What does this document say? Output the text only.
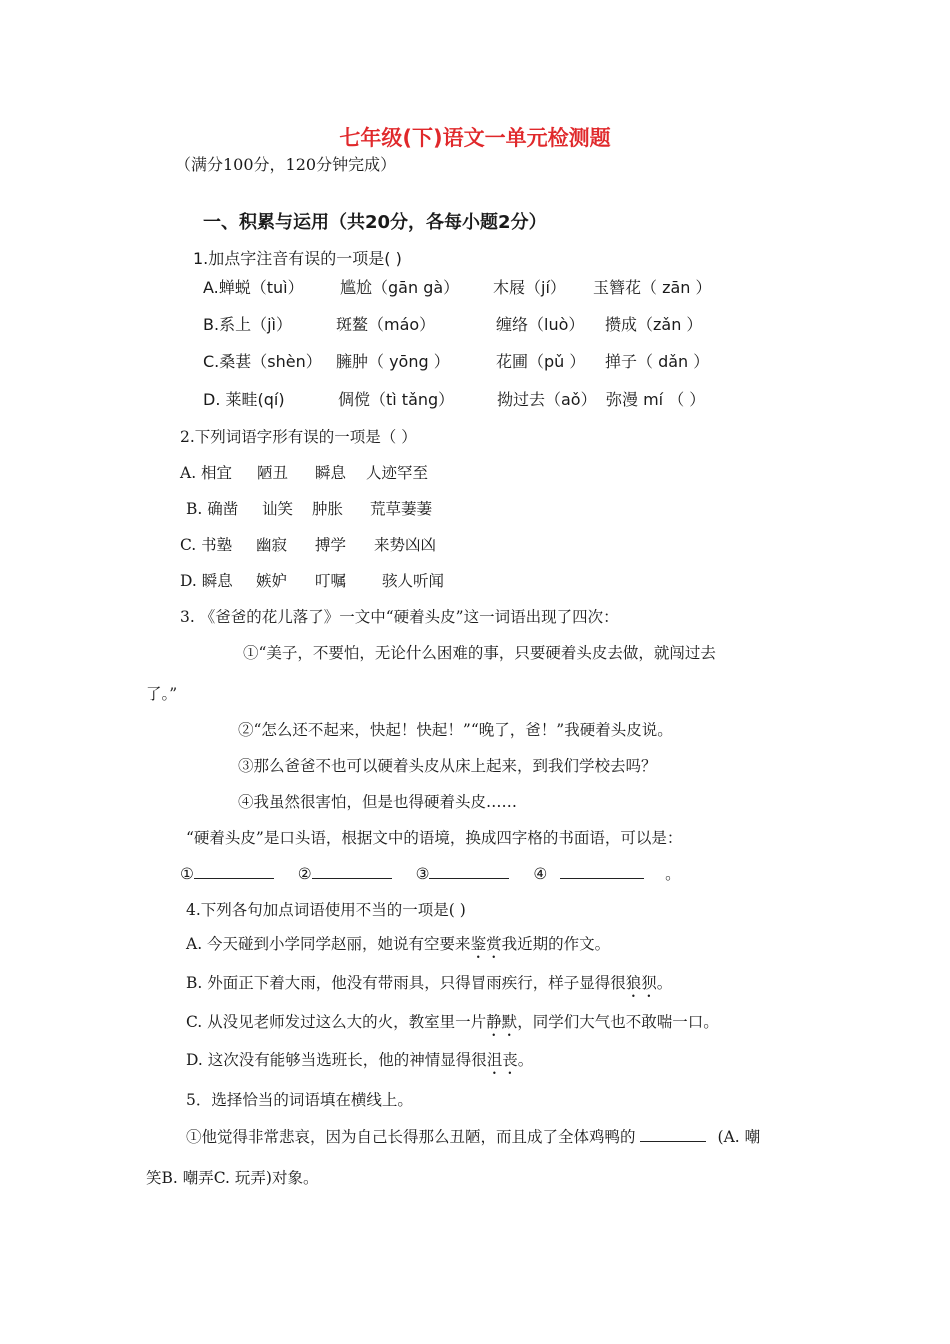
七年级(下)语文一单元检测题
（满分100分，120分钟完成）
一、积累与运用（共20分，各每小题2分）
1.加点字注音有误的一项是( )
A.蝉蜕（tuì） 尴尬（gān gà） 木屐（jí） 玉簪花（ zān ）
B.系上（jì）	斑鳌（máo）	缠络（luò） 攒成（zǎn ）
C.桑葚（shèn） 臃肿（ yōng ）	花圃（pǔ ） 掸子（ dǎn ）
D. 莱畦(qí)	倜傥（tì tǎng）	拗过去（aǒ） 弥漫 mí （ ）
2.下列词语字形有误的一项是（ ）
A. 相宜 陋丑 瞬息 人迹罕至
B. 确凿 讪笑 肿胀 荒草萋萋
C. 书塾 幽寂 搏学 来势凶凶
D. 瞬息 嫉妒 叮嘱 骇人听闻
3. 《爸爸的花儿落了》一文中“硬着头皮”这一词语出现了四次：
①“美子，不要怕，无论什么困难的事，只要硬着头皮去做，就闯过去
了。”
②“怎么还不起来，快起！快起！”“晚了，爸！”我硬着头皮说。
③那么爸爸不也可以硬着头皮从床上起来，到我们学校去吗？
④我虽然很害怕，但是也得硬着头皮……
“硬着头皮”是口头语，根据文中的语境，换成四字格的书面语，可以是：
①	②	③	④	。
4.下列各句加点词语使用不当的一项是( )
A. 今天碰到小学同学赵丽，她说有空要来鉴赏我近期的作文。
B. 外面正下着大雨，他没有带雨具，只得冒雨疾行，样子显得很狼狈。
C. 从没见老师发过这么大的火，教室里一片静默，同学们大气也不敢喘一口。
D. 这次没有能够当选班长，他的神情显得很沮丧。
5．选择恰当的词语填在横线上。
①他觉得非常悲哀，因为自己长得那么丑陋，而且成了全体鸡鸭的	(A. 嘲
笑B. 嘲弄C. 玩弄)对象。
